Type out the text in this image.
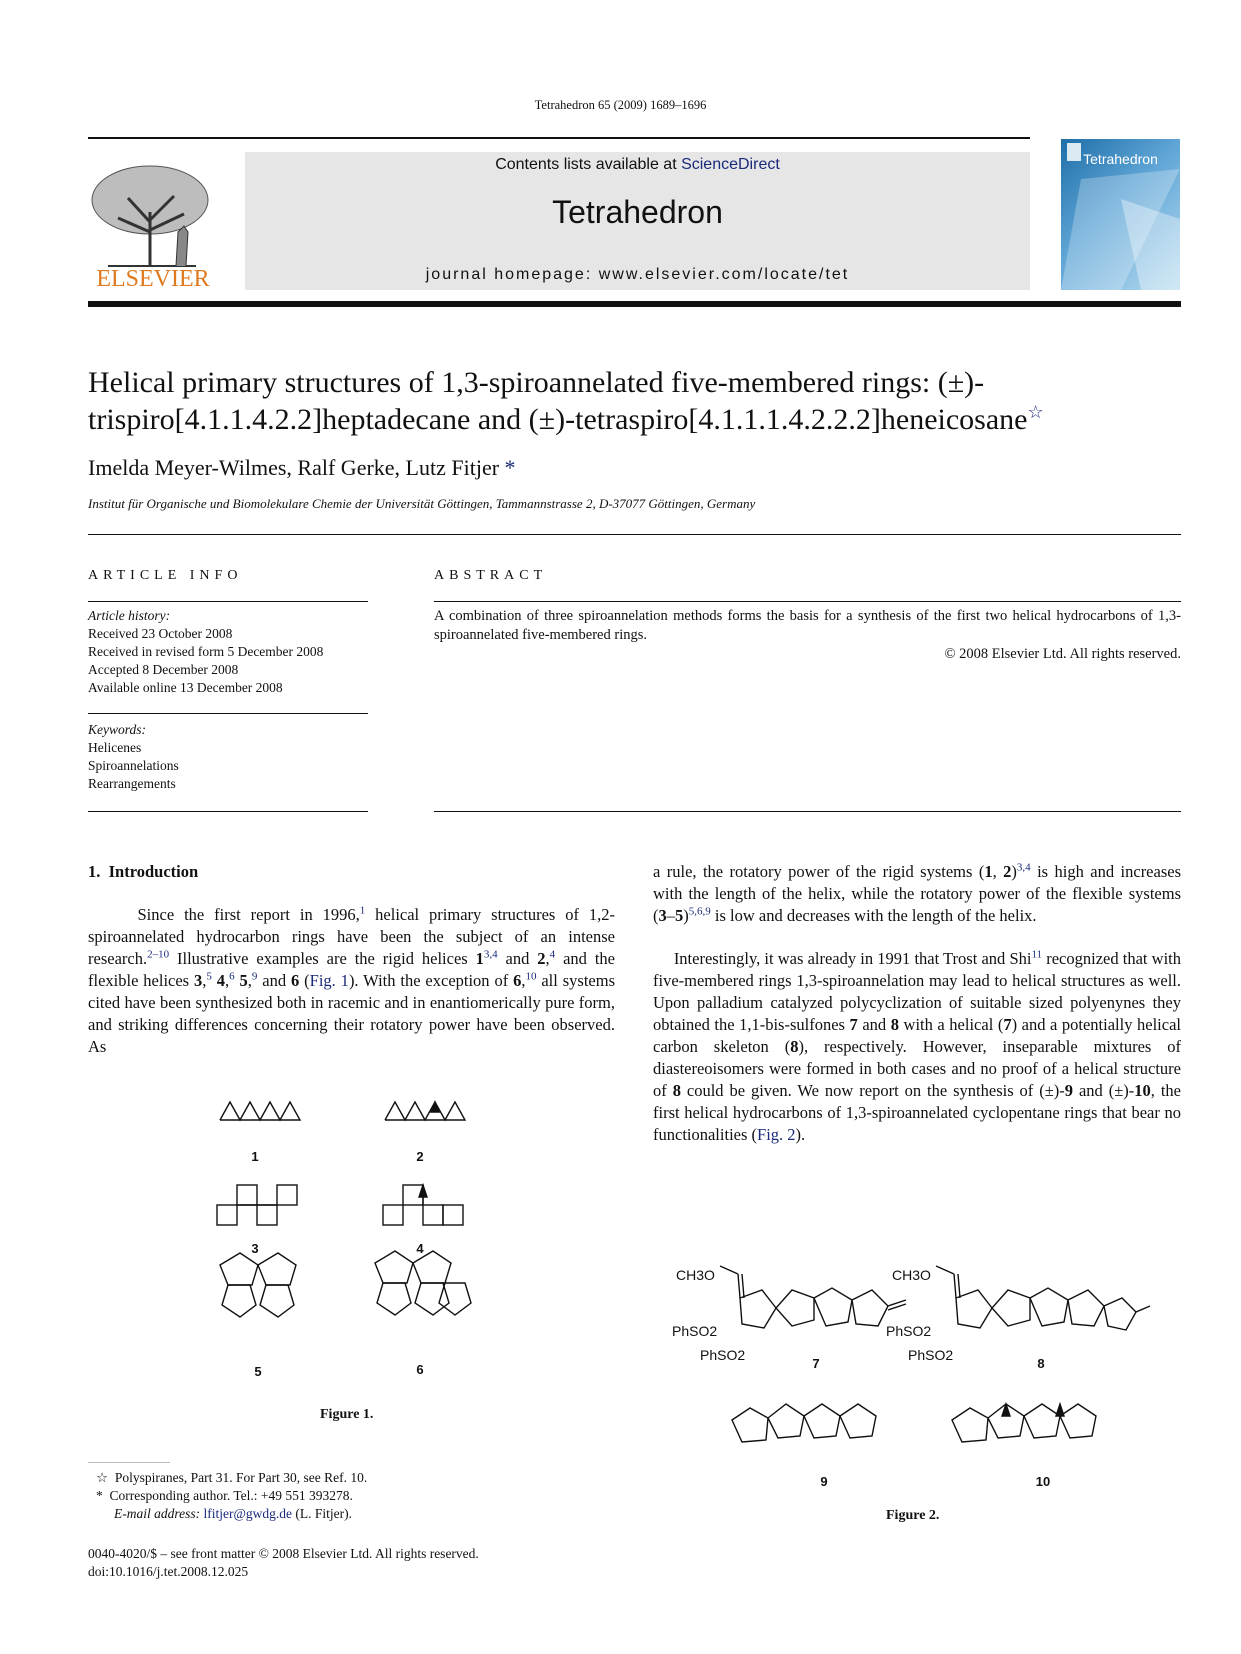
Tetrahedron 65 (2009) 1689–1696
ELSEVIER
Contents lists available at ScienceDirect
Tetrahedron
journal homepage: www.elsevier.com/locate/tet
Tetrahedron
Helical primary structures of 1,3-spiroannelated five-membered rings: (±)-
trispiro[4.1.1.4.2.2]heptadecane and (±)-tetraspiro[4.1.1.1.4.2.2.2]heneicosane☆
Imelda Meyer-Wilmes, Ralf Gerke, Lutz Fitjer *
Institut für Organische und Biomolekulare Chemie der Universität Göttingen, Tammannstrasse 2, D-37077 Göttingen, Germany
ARTICLE INFO
Article history:
Received 23 October 2008
Received in revised form 5 December 2008
Accepted 8 December 2008
Available online 13 December 2008
Keywords:
Helicenes
Spiroannelations
Rearrangements
ABSTRACT
A combination of three spiroannelation methods forms the basis for a synthesis of the first two helical hydrocarbons of 1,3-spiroannelated five-membered rings.
© 2008 Elsevier Ltd. All rights reserved.
1. Introduction
Since the first report in 1996,$^1$ helical primary structures of 1,2-spiroannelated hydrocarbon rings have been the subject of an intense research.$^{2-10}$ Illustrative examples are the rigid helices 1$^{3,4}$ and 2,$^4$ and the flexible helices 3,$^5$ 4,$^6$ 5,$^9$ and 6 (Fig. 1). With the exception of 6,10 all systems cited have been synthesized both in racemic and in enantiomerically pure form, and striking differences concerning their rotatory power have been observed. As
a rule, the rotatory power of the rigid systems (1, 2)$^{3,4}$ is high and increases with the length of the helix, while the rotatory power of the flexible systems $(3-5)^{5,6,9}$ is low and decreases with the length of the helix.
Interestingly, it was already in 1991 that Trost and Shi$^{11}$ recognized that with five-membered rings 1,3-spiroannelation may lead to helical structures as well. Upon palladium catalyzed polycyclization of suitable sized polyenynes they obtained the 1,1-bis-sulfones 7 and 8 with a helical (7) and a potentially helical carbon skeleton (8), respectively. However, inseparable mixtures of diastereoisomers were formed in both cases and no proof of a helical structure of 8 could be given. We now report on the synthesis of (±)-9 and (±)-10, the first helical hydrocarbons of 1,3-spiroannelated cyclopentane rings that bear no functionalities (Fig. 2).
1	2
3	4
5	6
Figure 1.
CH3O
PhSO2
PhSO2
CH3O
PhSO2
PhSO2
7	8
9	10
Figure 2.
☆ Polyspiranes, Part 31. For Part 30, see Ref. 10.
* Corresponding author. Tel.: +49 551 393278.
E-mail address: lfitjer@gwdg.de (L. Fitjer).
0040-4020/$ – see front matter © 2008 Elsevier Ltd. All rights reserved.
doi:10.1016/j.tet.2008.12.025
